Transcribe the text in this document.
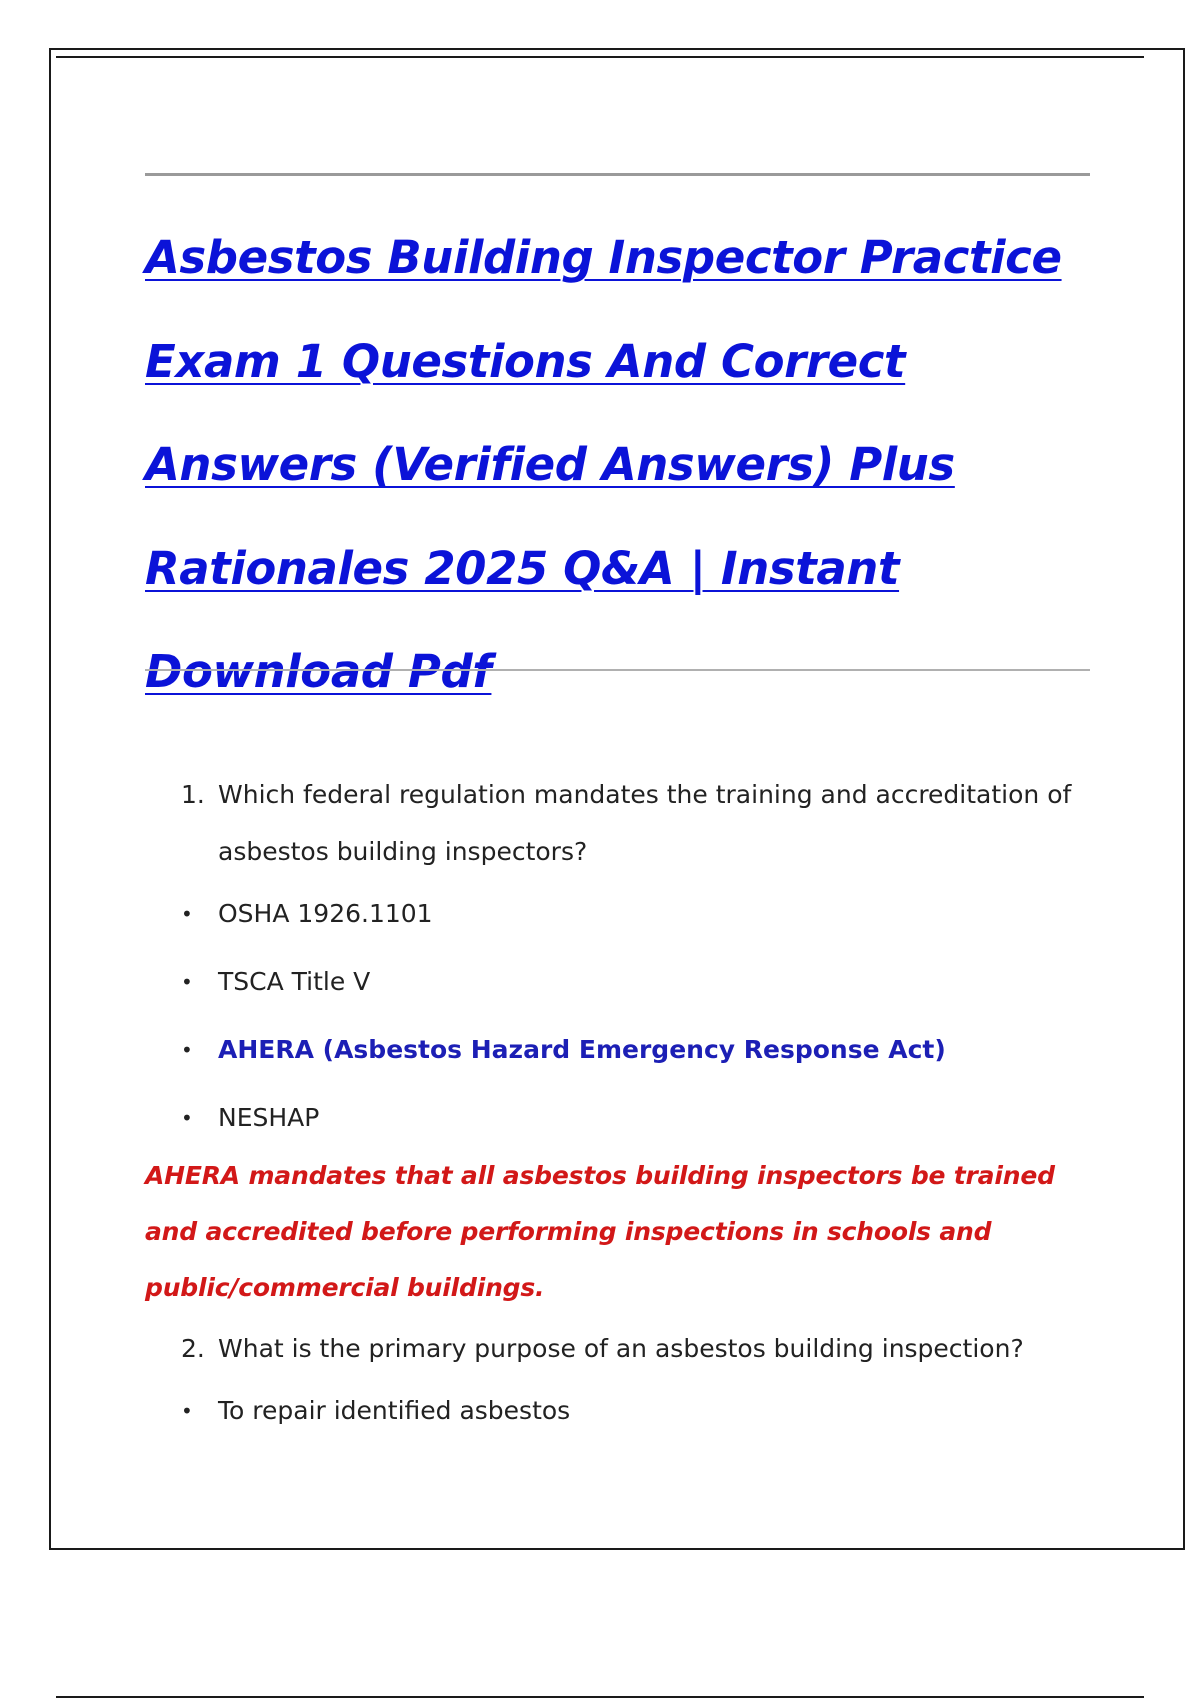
Asbestos Building Inspector Practice Exam 1 Questions And Correct Answers (Verified Answers) Plus Rationales 2025 Q&A | Instant Download Pdf
1. Which federal regulation mandates the training and accreditation of asbestos building inspectors?
• OSHA 1926.1101
• TSCA Title V
• AHERA (Asbestos Hazard Emergency Response Act)
• NESHAP
AHERA mandates that all asbestos building inspectors be trained and accredited before performing inspections in schools and public/commercial buildings.
2. What is the primary purpose of an asbestos building inspection?
• To repair identified asbestos
